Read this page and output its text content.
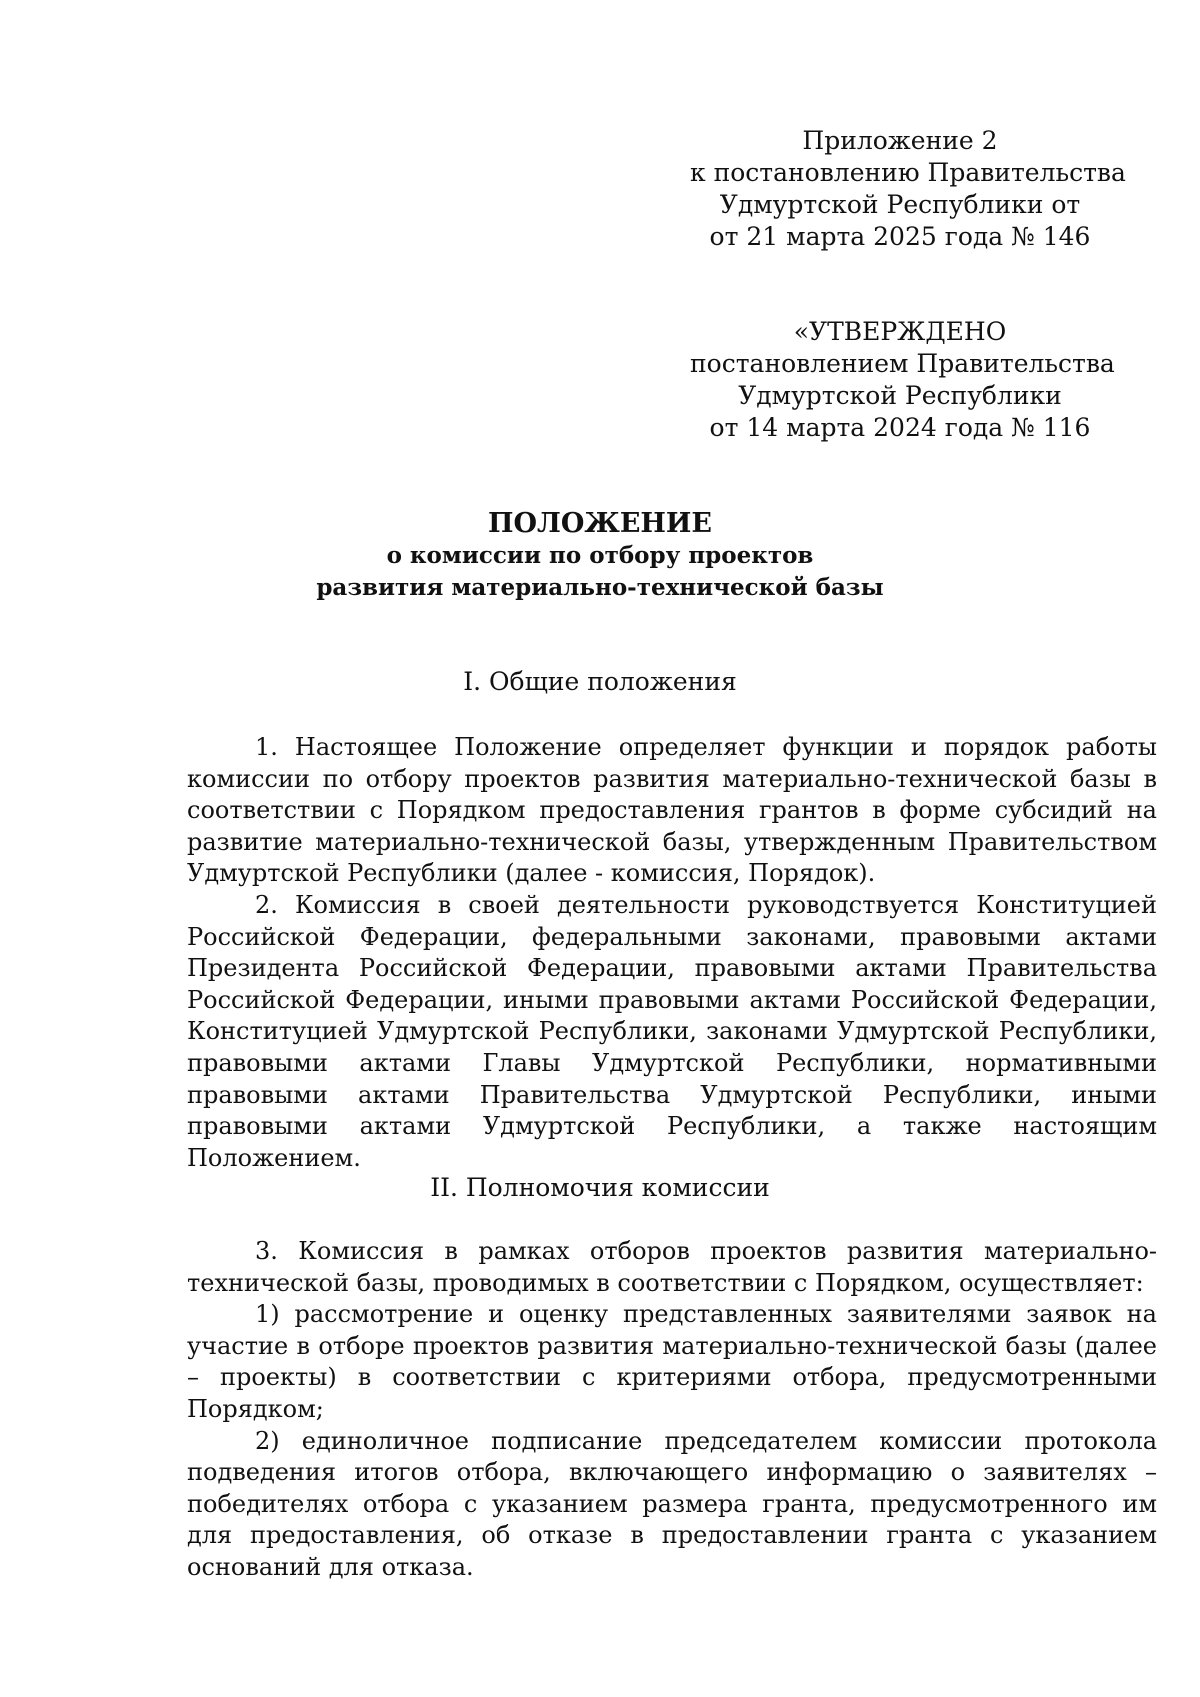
Приложение 2
к постановлению Правительства
Удмуртской Республики от
от 21 марта 2025 года № 146
«УТВЕРЖДЕНО
постановлением Правительства
Удмуртской Республики
от 14 марта 2024 года № 116
ПОЛОЖЕНИЕ
о комиссии по отбору проектов
развития материально-технической базы
I. Общие положения

1. Настоящее Положение определяет функции и порядок работы комиссии по отбору проектов развития материально-технической базы в соответствии с Порядком предоставления грантов в форме субсидий на развитие материально-технической базы, утвержденным Правительством Удмуртской Республики (далее - комиссия, Порядок).

2. Комиссия в своей деятельности руководствуется Конституцией Российской Федерации, федеральными законами, правовыми актами Президента Российской Федерации, правовыми актами Правительства Российской Федерации, иными правовыми актами Российской Федерации, Конституцией Удмуртской Республики, законами Удмуртской Республики, правовыми актами Главы Удмуртской Республики, нормативными правовыми актами Правительства Удмуртской Республики, иными правовыми актами Удмуртской Республики, а также настоящим Положением.

II. Полномочия комиссии

3. Комиссия в рамках отборов проектов развития материально-технической базы, проводимых в соответствии с Порядком, осуществляет:

1) рассмотрение и оценку представленных заявителями заявок на участие в отборе проектов развития материально-технической базы (далее – проекты) в соответствии с критериями отбора, предусмотренными Порядком;

2) единоличное подписание председателем комиссии протокола подведения итогов отбора, включающего информацию о заявителях – победителях отбора с указанием размера гранта, предусмотренного им для предоставления, об отказе в предоставлении гранта с указанием оснований для отказа.
